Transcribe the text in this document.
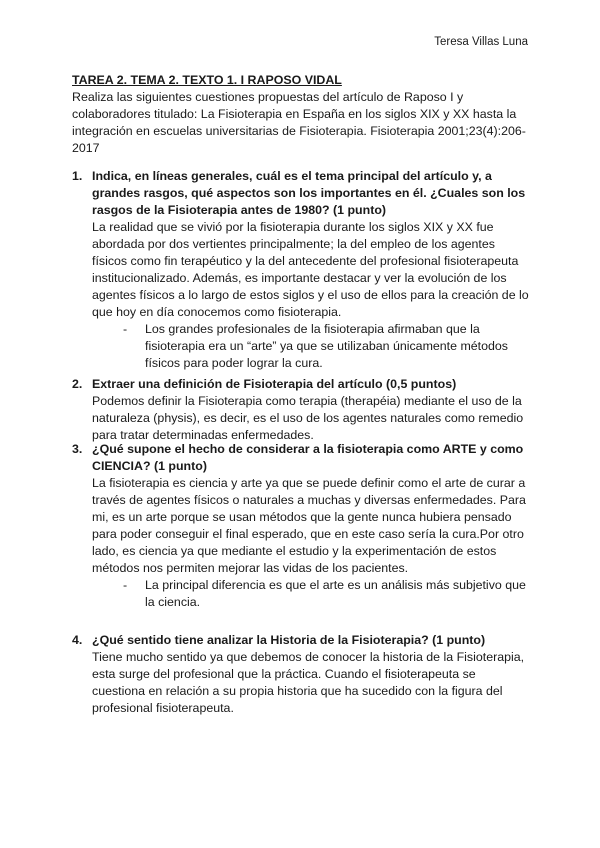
Teresa Villas Luna
TAREA 2. TEMA 2. TEXTO 1. I RAPOSO VIDAL

Realiza las siguientes cuestiones propuestas del artículo de Raposo I y colaboradores titulado: La Fisioterapia en España en los siglos XIX y XX hasta la integración en escuelas universitarias de Fisioterapia. Fisioterapia 2001;23(4):206-2017

1. Indica, en líneas generales, cuál es el tema principal del artículo y, a grandes rasgos, qué aspectos son los importantes en él. ¿Cuales son los rasgos de la Fisioterapia antes de 1980? (1 punto)

La realidad que se vivió por la fisioterapia durante los siglos XIX y XX fue abordada por dos vertientes principalmente; la del empleo de los agentes físicos como fin terapéutico y la del antecedente del profesional fisioterapeuta institucionalizado. Además, es importante destacar y ver la evolución de los agentes físicos a lo largo de estos siglos y el uso de ellos para la creación de lo que hoy en día conocemos como fisioterapia.

- Los grandes profesionales de la fisioterapia afirmaban que la fisioterapia era un “arte” ya que se utilizaban únicamente métodos físicos para poder lograr la cura.
2. Extraer una definición de Fisioterapia del artículo (0,5 puntos)

Podemos definir la Fisioterapia como terapia (therapéia) mediante el uso de la naturaleza (physis), es decir, es el uso de los agentes naturales como remedio para tratar determinadas enfermedades.

3. ¿Qué supone el hecho de considerar a la fisioterapia como ARTE y como CIENCIA? (1 punto)

La fisioterapia es ciencia y arte ya que se puede definir como el arte de curar a través de agentes físicos o naturales a muchas y diversas enfermedades. Para mi, es un arte porque se usan métodos que la gente nunca hubiera pensado para poder conseguir el final esperado, que en este caso sería la cura.Por otro lado, es ciencia ya que mediante el estudio y la experimentación de estos métodos nos permiten mejorar las vidas de los pacientes.

- La principal diferencia es que el arte es un análisis más subjetivo que la ciencia.
4. ¿Qué sentido tiene analizar la Historia de la Fisioterapia? (1 punto)

Tiene mucho sentido ya que debemos de conocer la historia de la Fisioterapia, esta surge del profesional que la práctica. Cuando el fisioterapeuta se cuestiona en relación a su propia historia que ha sucedido con la figura del profesional fisioterapeuta.
